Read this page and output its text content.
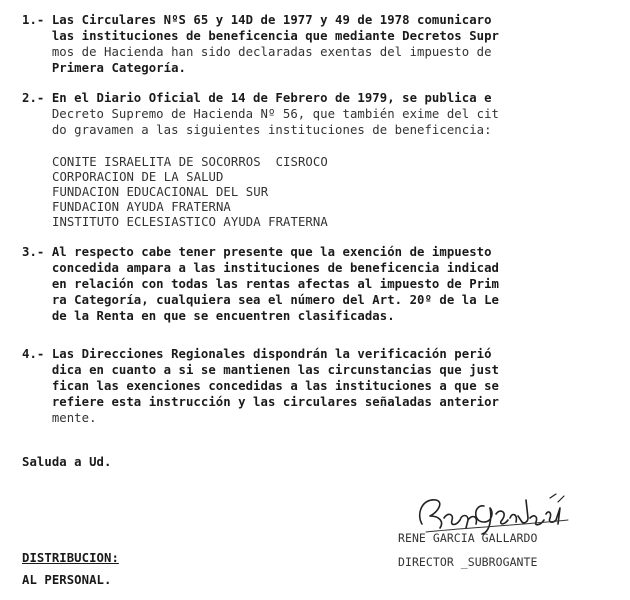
1.- Las Circulares NºS 65 y 14D de 1977 y 49 de 1978 comunicaro
las instituciones de beneficencia que mediante Decretos Supr
mos de Hacienda han sido declaradas exentas del impuesto de
Primera Categoría.
2.- En el Diario Oficial de 14 de Febrero de 1979, se publica e
Decreto Supremo de Hacienda Nº 56, que también exime del cit
do gravamen a las siguientes instituciones de beneficencia:
CONITE ISRAELITA DE SOCORROS  CISROCO
CORPORACION DE LA SALUD
FUNDACION EDUCACIONAL DEL SUR
FUNDACION AYUDA FRATERNA
INSTITUTO ECLESIASTICO AYUDA FRATERNA
3.- Al respecto cabe tener presente que la exención de impuesto
concedida ampara a las instituciones de beneficencia indicad
en relación con todas las rentas afectas al impuesto de Prim
ra Categoría, cualquiera sea el número del Art. 20º de la Le
de la Renta en que se encuentren clasificadas.
4.- Las Direcciones Regionales dispondrán la verificación perió
dica en cuanto a si se mantienen las circunstancias que just
fican las exenciones concedidas a las instituciones a que se
refiere esta instrucción y las circulares señaladas anterior
mente.
Saluda a Ud.
RENE GARCIA GALLARDO
DIRECTOR _SUBROGANTE
DISTRIBUCION:
AL PERSONAL.
